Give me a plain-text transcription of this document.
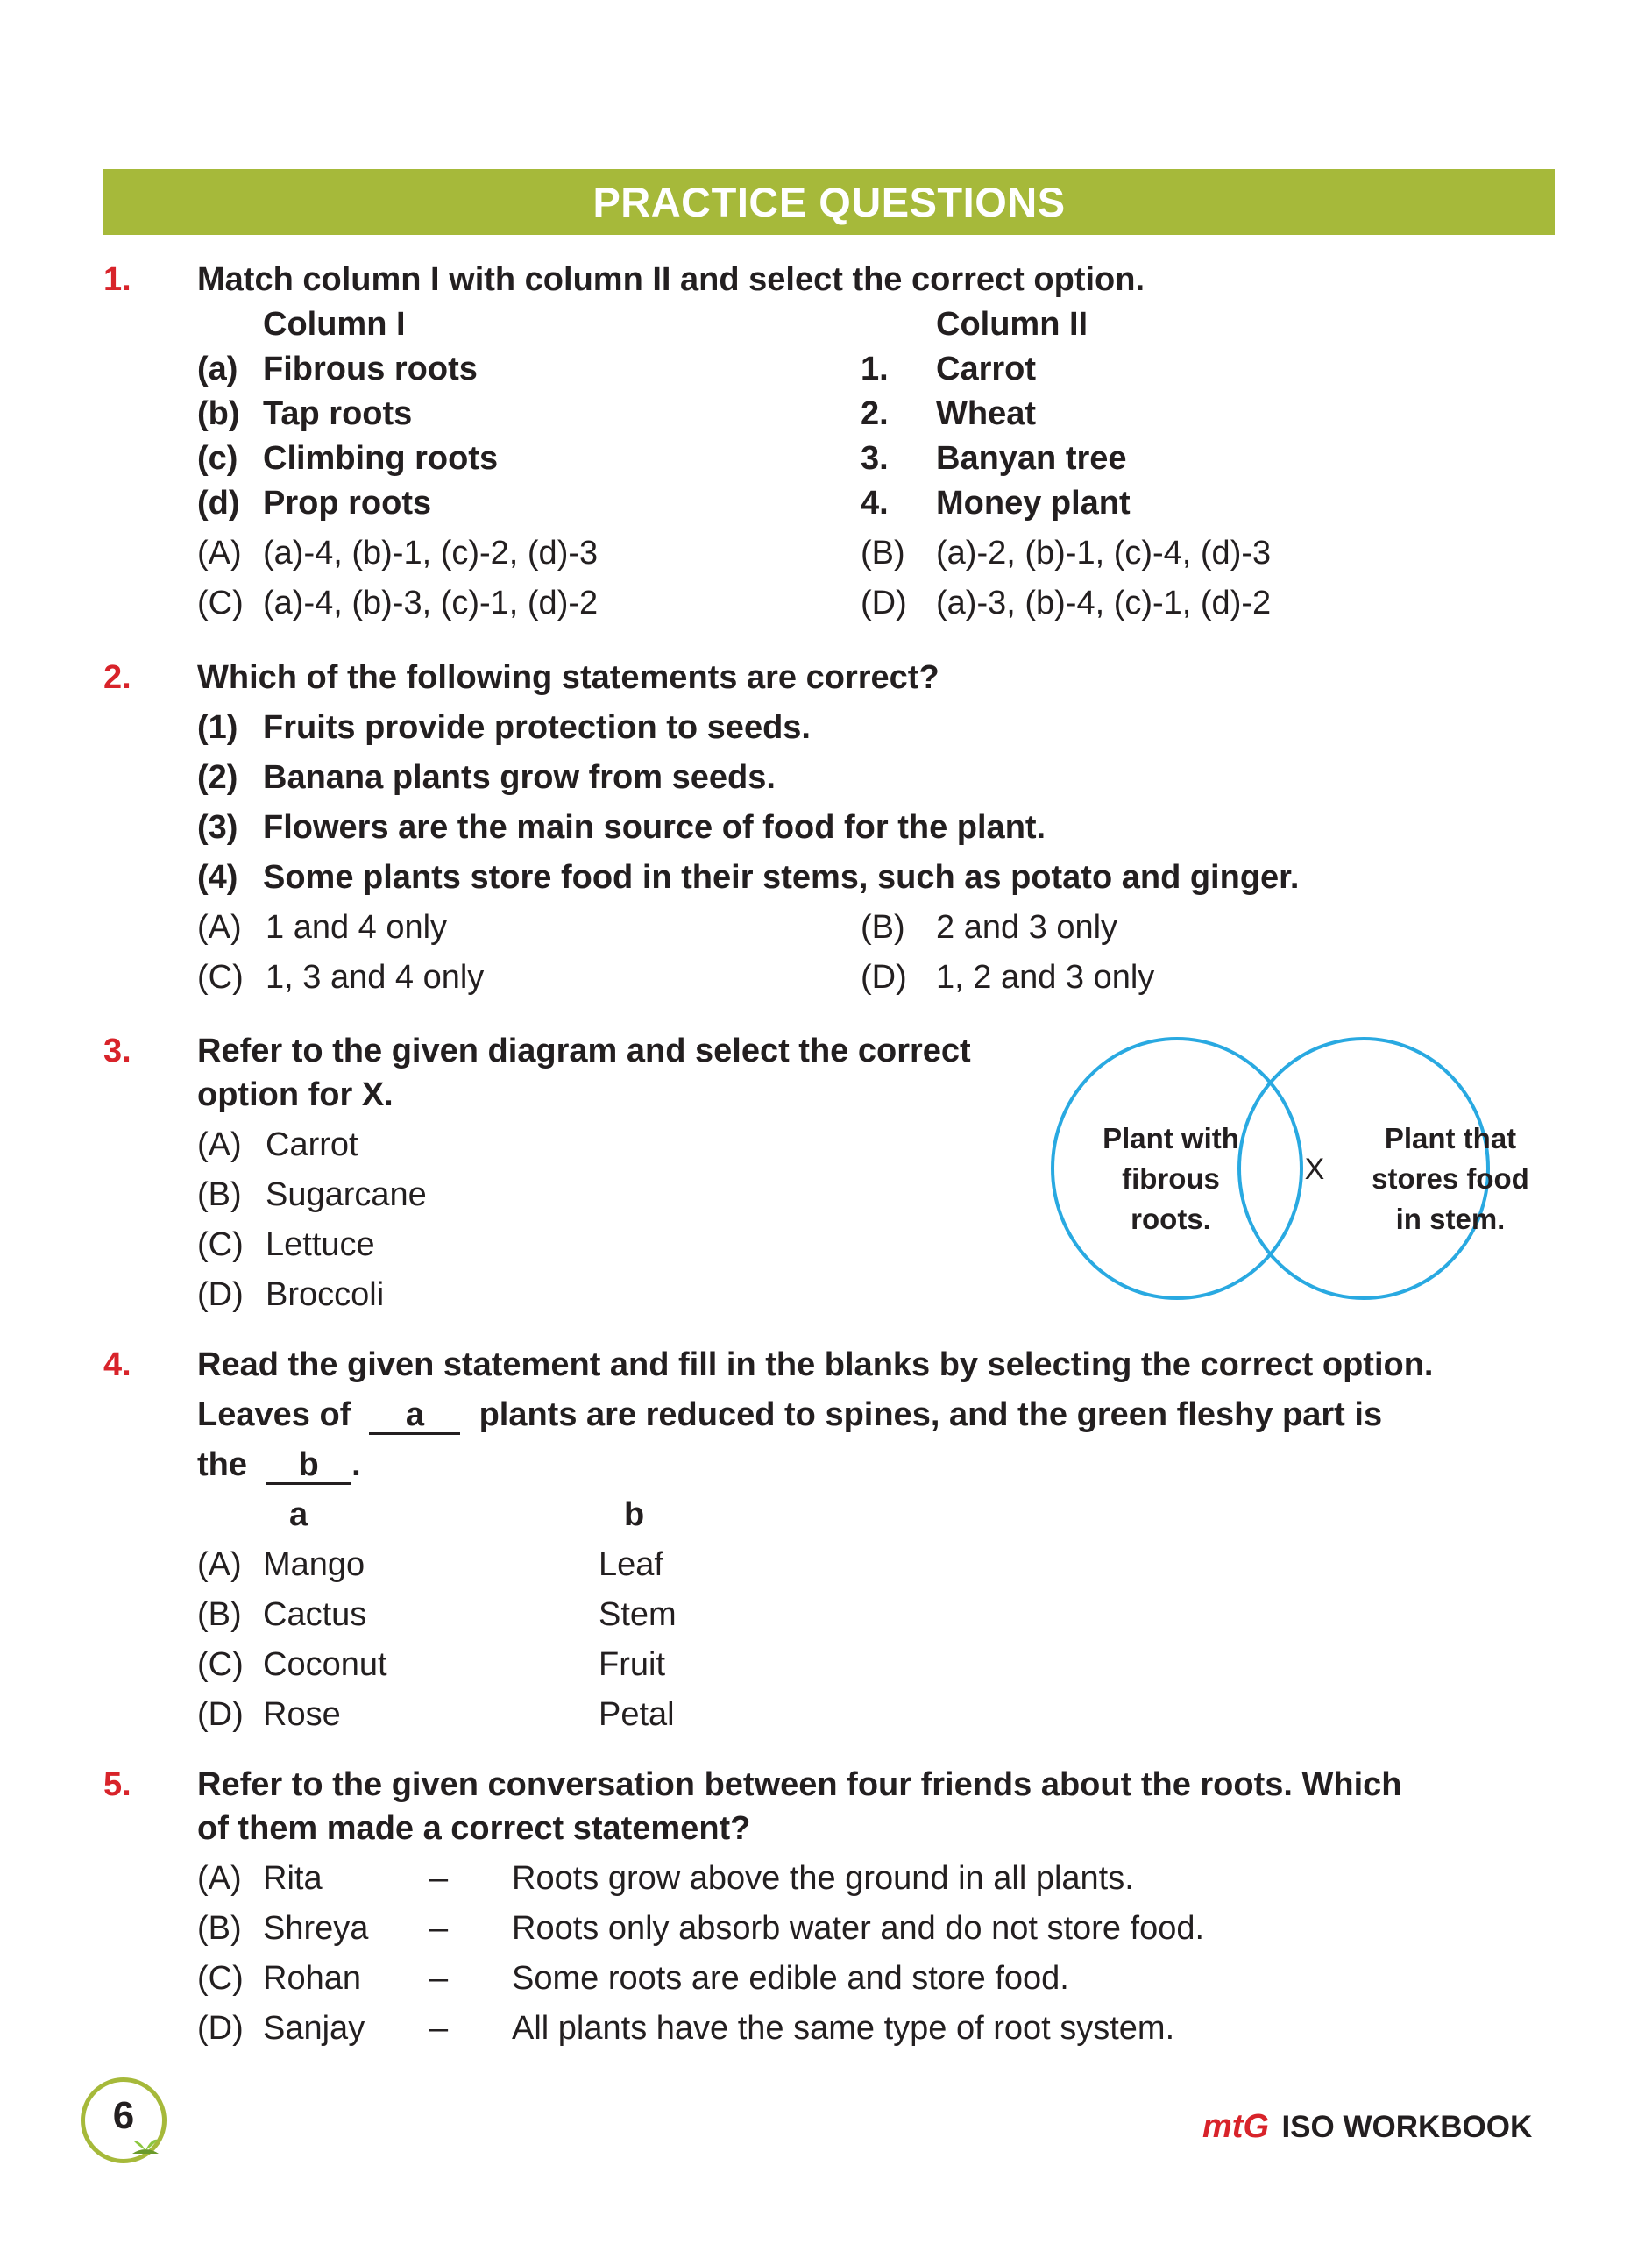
PRACTICE QUESTIONS
1. Match column I with column II and select the correct option.
Column I	Column II
(a) Fibrous roots	1. Carrot
(b) Tap roots	2. Wheat
(c) Climbing roots	3. Banyan tree
(d) Prop roots	4. Money plant
(A) (a)-4, (b)-1, (c)-2, (d)-3	(B) (a)-2, (b)-1, (c)-4, (d)-3
(C) (a)-4, (b)-3, (c)-1, (d)-2	(D) (a)-3, (b)-4, (c)-1, (d)-2
2. Which of the following statements are correct?
(1) Fruits provide protection to seeds.
(2) Banana plants grow from seeds.
(3) Flowers are the main source of food for the plant.
(4) Some plants store food in their stems, such as potato and ginger.
(A) 1 and 4 only	(B) 2 and 3 only
(C) 1, 3 and 4 only	(D) 1, 2 and 3 only
3. Refer to the given diagram and select the correct
option for X.
(A) Carrot
(B) Sugarcane
(C) Lettuce
(D) Broccoli
Plant with
fibrous
roots.
X
Plant that
stores food
in stem.
4. Read the given statement and fill in the blanks by selecting the correct option.
Leaves of a plants are reduced to spines, and the green fleshy part is
the b .
a	b
(A) Mango	Leaf
(B) Cactus	Stem
(C) Coconut	Fruit
(D) Rose	Petal
5. Refer to the given conversation between four friends about the roots. Which
of them made a correct statement?
(A) Rita	– Roots grow above the ground in all plants.
(B) Shreya – Roots only absorb water and do not store food.
(C) Rohan – Some roots are edible and store food.
(D) Sanjay – All plants have the same type of root system.
6	mtG ISO WORKBOOK
